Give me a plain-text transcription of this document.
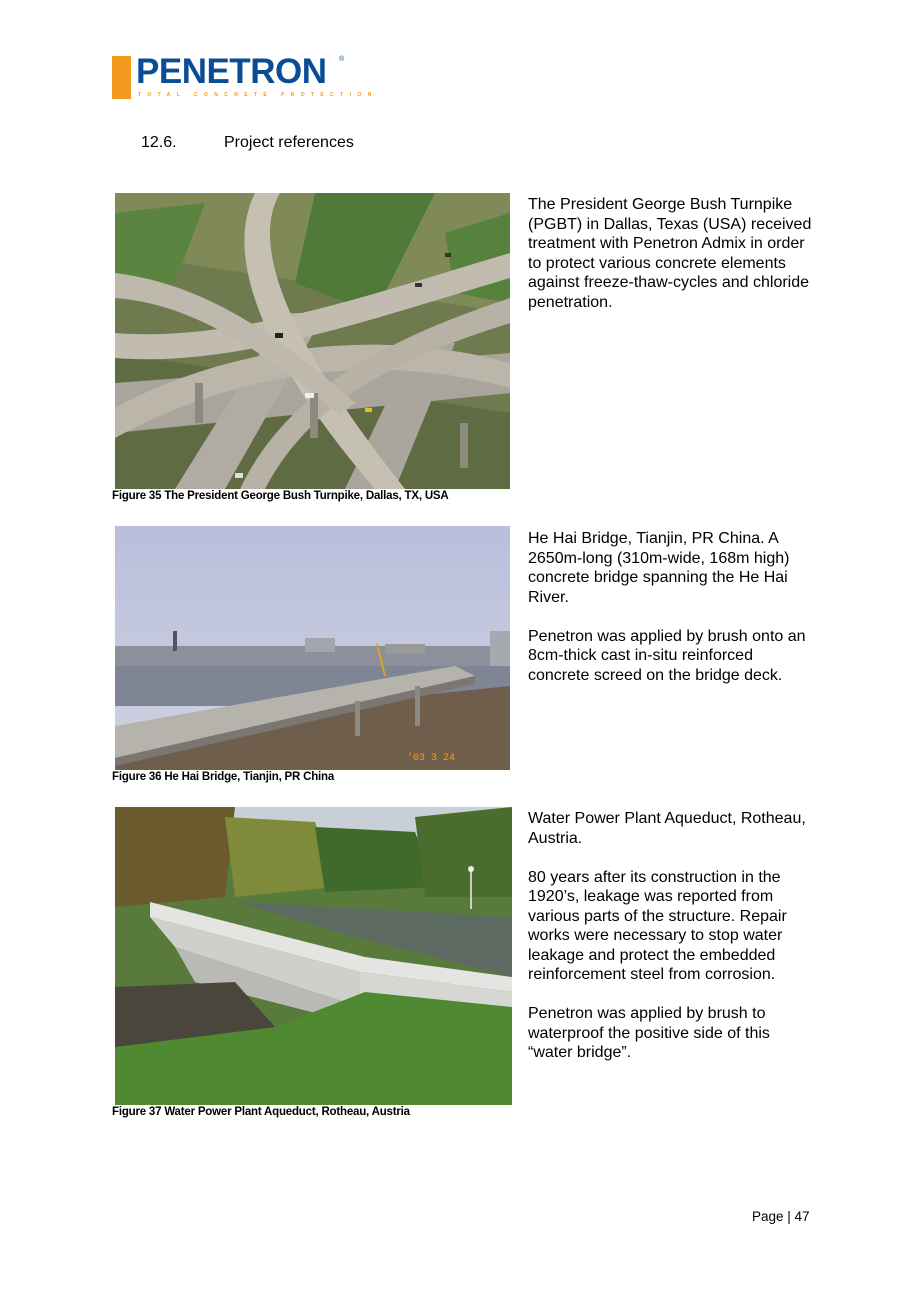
PENETRON ®
TOTAL CONCRETE PROTECTION
12.6.	Project references
Figure 35 The President George Bush Turnpike, Dallas, TX, USA

The President George Bush Turnpike (PGBT) in Dallas, Texas (USA) received treatment with Penetron Admix in order to protect various concrete elements against freeze-thaw-cycles and chloride penetration.

'03 3 24
Figure 36 He Hai Bridge, Tianjin, PR China

He Hai Bridge, Tianjin, PR China. A 2650m-long (310m-wide, 168m high) concrete bridge spanning the He Hai River.

Penetron was applied by brush onto an 8cm-thick cast in-situ reinforced concrete screed on the bridge deck.

Figure 37 Water Power Plant Aqueduct, Rotheau, Austria

Water Power Plant Aqueduct, Rotheau, Austria.

80 years after its construction in the 1920’s, leakage was reported from various parts of the structure. Repair works were necessary to stop water leakage and protect the embedded reinforcement steel from corrosion.

Penetron was applied by brush to waterproof the positive side of this “water bridge”.

Page | 47
